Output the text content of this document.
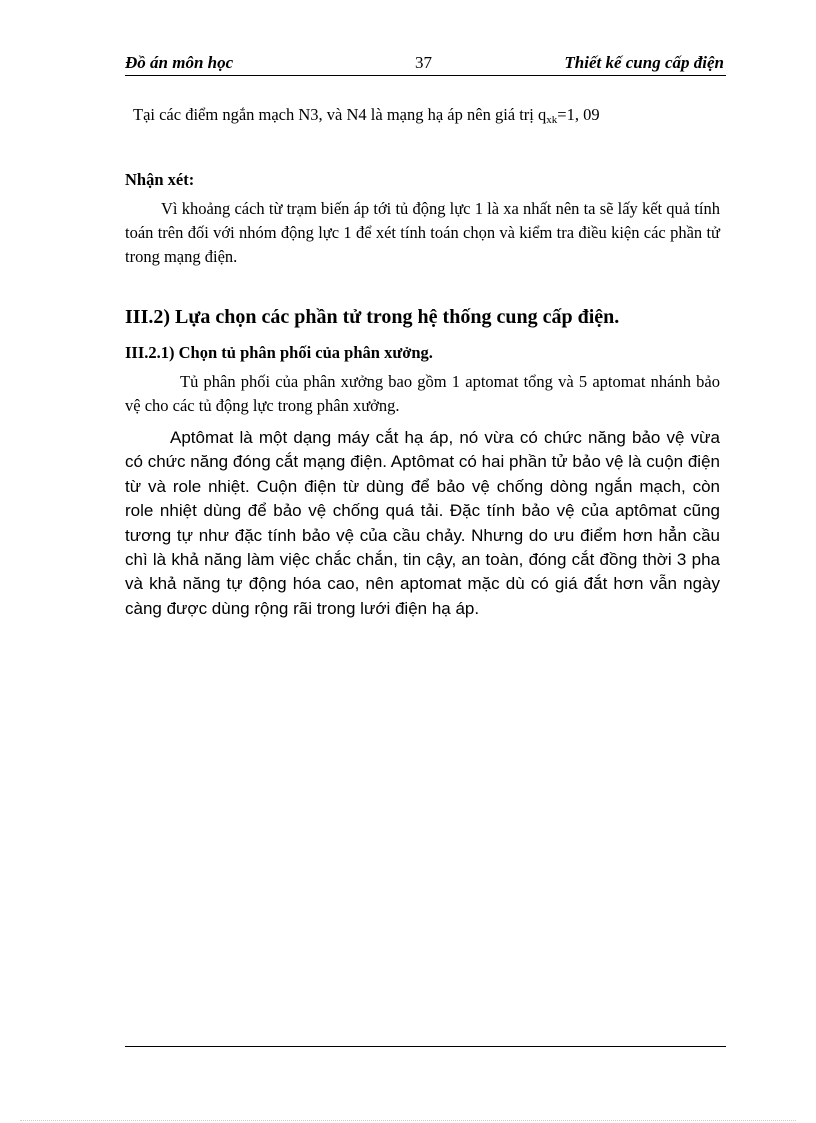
Đồ án môn học	37	Thiết kế cung cấp điện
Tại các điểm ngắn mạch N3, và N4 là mạng hạ áp nên giá trị $q_{xk}=1$, 09
Nhận xét:
Vì khoảng cách từ trạm biến áp tới tủ động lực 1 là xa nhất nên ta sẽ lấy kết quả tính toán trên đối với nhóm động lực 1 để xét tính toán chọn và kiểm tra điều kiện các phần tử trong mạng điện.
III.2) Lựa chọn các phần tử trong hệ thống cung cấp điện.
III.2.1) Chọn tủ phân phối của phân xưởng.
Tủ phân phối của phân xưởng bao gồm 1 aptomat tổng và 5 aptomat nhánh bảo vệ cho các tủ động lực trong phân xưởng.
Aptômat là một dạng máy cắt hạ áp, nó vừa có chức năng bảo vệ vừa có chức năng đóng cắt mạng điện. Aptômat có hai phần tử bảo vệ là cuộn điện từ và role nhiệt. Cuộn điện từ dùng để bảo vệ chống dòng ngắn mạch, còn role nhiệt dùng để bảo vệ chống quá tải. Đặc tính bảo vệ của aptômat cũng tương tự như đặc tính bảo vệ của cầu chảy. Nhưng do ưu điểm hơn hẳn cầu chì là khả năng làm việc chắc chắn, tin cậy, an toàn, đóng cắt đồng thời 3 pha và khả năng tự động hóa cao, nên aptomat mặc dù có giá đắt hơn vẫn ngày càng được dùng rộng rãi trong lưới điện hạ áp.
